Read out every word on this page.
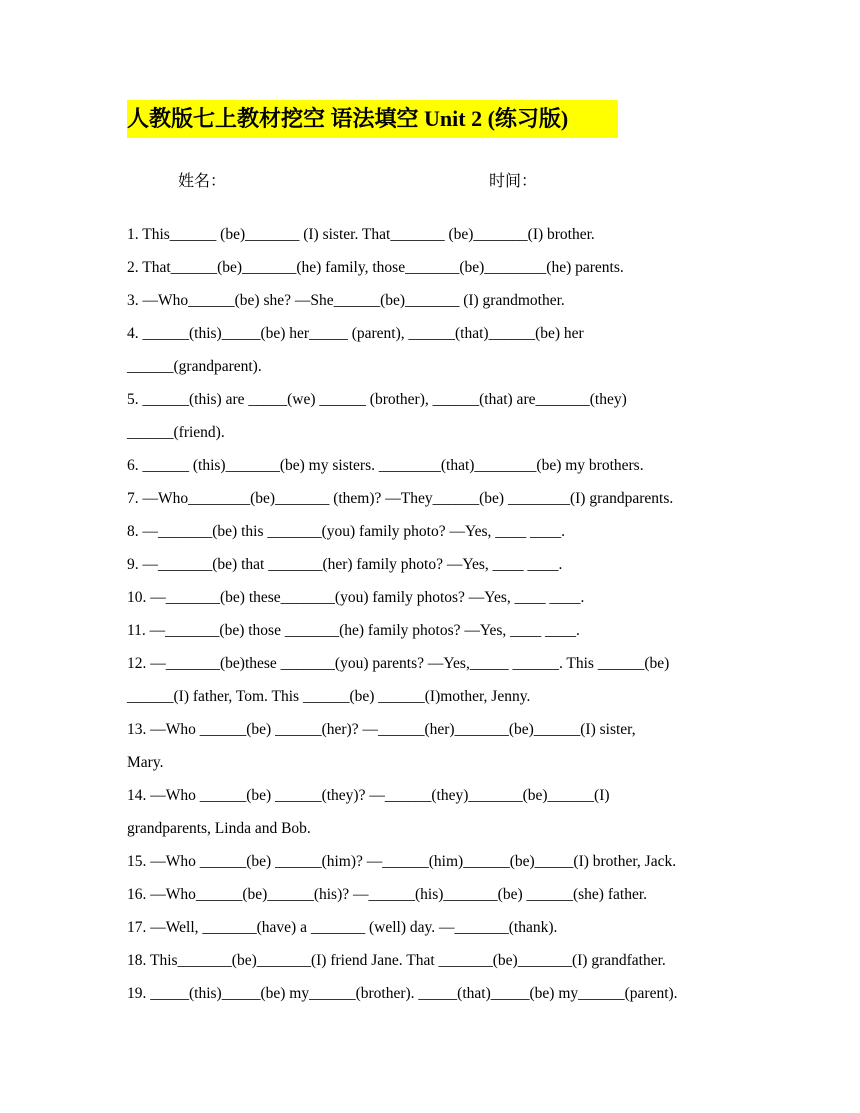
人教版七上教材挖空 语法填空 Unit 2 (练习版)
姓名：	时间：
1. This______ (be)_______ (I) sister. That_______ (be)_______(I) brother.
2. That______(be)_______(he) family, those_______(be)________(he) parents.
3. —Who______(be) she? —She______(be)_______ (I) grandmother.
4. ______(this)_____(be) her_____ (parent), ______(that)______(be) her
______(grandparent).
5. ______(this) are _____(we) ______ (brother), ______(that) are_______(they)
______(friend).
6. ______ (this)_______(be) my sisters. ________(that)________(be) my brothers.
7. —Who________(be)_______ (them)? —They______(be) ________(I) grandparents.
8. —_______(be) this _______(you) family photo? —Yes, ____ ____.
9. —_______(be) that _______(her) family photo? —Yes, ____ ____.
10. —_______(be) these_______(you) family photos? —Yes, ____ ____.
11. —_______(be) those _______(he) family photos? —Yes, ____ ____.
12. —_______(be)these _______(you) parents? —Yes,_____ ______. This ______(be)
______(I) father, Tom. This ______(be) ______(I)mother, Jenny.
13. —Who ______(be) ______(her)? —______(her)_______(be)______(I) sister,
Mary.
14. —Who ______(be) ______(they)? —______(they)_______(be)______(I)
grandparents, Linda and Bob.
15. —Who ______(be) ______(him)? —______(him)______(be)_____(I) brother, Jack.
16. —Who______(be)______(his)? —______(his)_______(be) ______(she) father.
17. —Well, _______(have) a _______ (well) day. —_______(thank).
18. This_______(be)_______(I) friend Jane. That _______(be)_______(I) grandfather.
19. _____(this)_____(be) my______(brother). _____(that)_____(be) my______(parent).
